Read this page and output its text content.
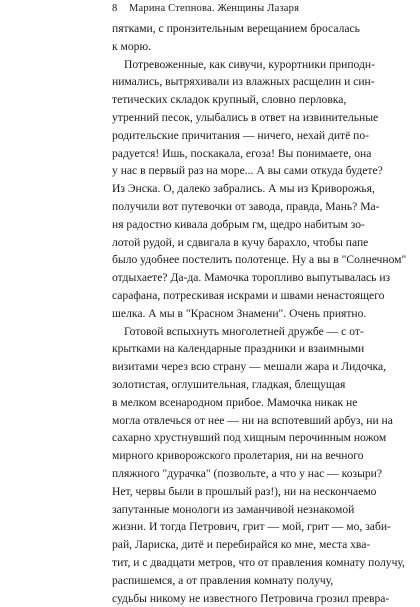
8 Марина Степнова. Женщины Лазаря
пятками, с пронзительным верещанием бросалась
к морю.
Потревоженные, как сивучи, курортники приподн-
нимались, вытряхивали из влажных расщелин и син-
тетических складок крупный, словно перловка,
утренний песок, улыбались в ответ на извинительные
родительские причитания — ничего, нехай дитё по-
радуется! Ишь, поскакала, егоза! Вы понимаете, она
у нас в первый раз на море... А вы сами откуда будете?
Из Энска. О, далеко забрались. А мы из Криворожья,
получили вот путевочки от завода, правда, Мань? Ма-
ня радостно кивала добрым гм, щедро набитым зо-
лотой рудой, и сдвигала в кучу барахло, чтобы папе
было удобнее постелить полотенце. Ну а вы в "Солнечном"
отдыхаете? Да-да. Мамочка торопливо выпутывалась из
сарафана, потрескивая искрами и швами ненастоящего
шелка. А мы в "Красном Знамени". Очень приятно.
Готовой вспыхнуть многолетней дружбе — с от-
крытками на календарные праздники и взаимными
визитами через всю страну — мешали жара и Лидочка,
золотистая, оглушительная, гладкая, блещущая
в мелком всенародном прибое. Мамочка никак не
могла отвлечься от нее — ни на вспотевший арбуз, ни на
сахарно хрустнувший под хищным перочинным ножом
мирного криворожского пролетария, ни на вечного
пляжного "дурачка" (позвольте, а что у нас — козыри?
Нет, червы были в прошлый раз!), ни на нескончаемо
запутанные монологи из заманчивой незнакомой
жизни. И тогда Петрович, грит — мой, грит — мо, заби-
рай, Лариска, дитё и перебирайся ко мне, места хва-
тит, и с двадцати метров, что от правления комнату получу,
распишемся, а от правления комнату получу,
судьбы никому не известного Петровича грозил превра-
